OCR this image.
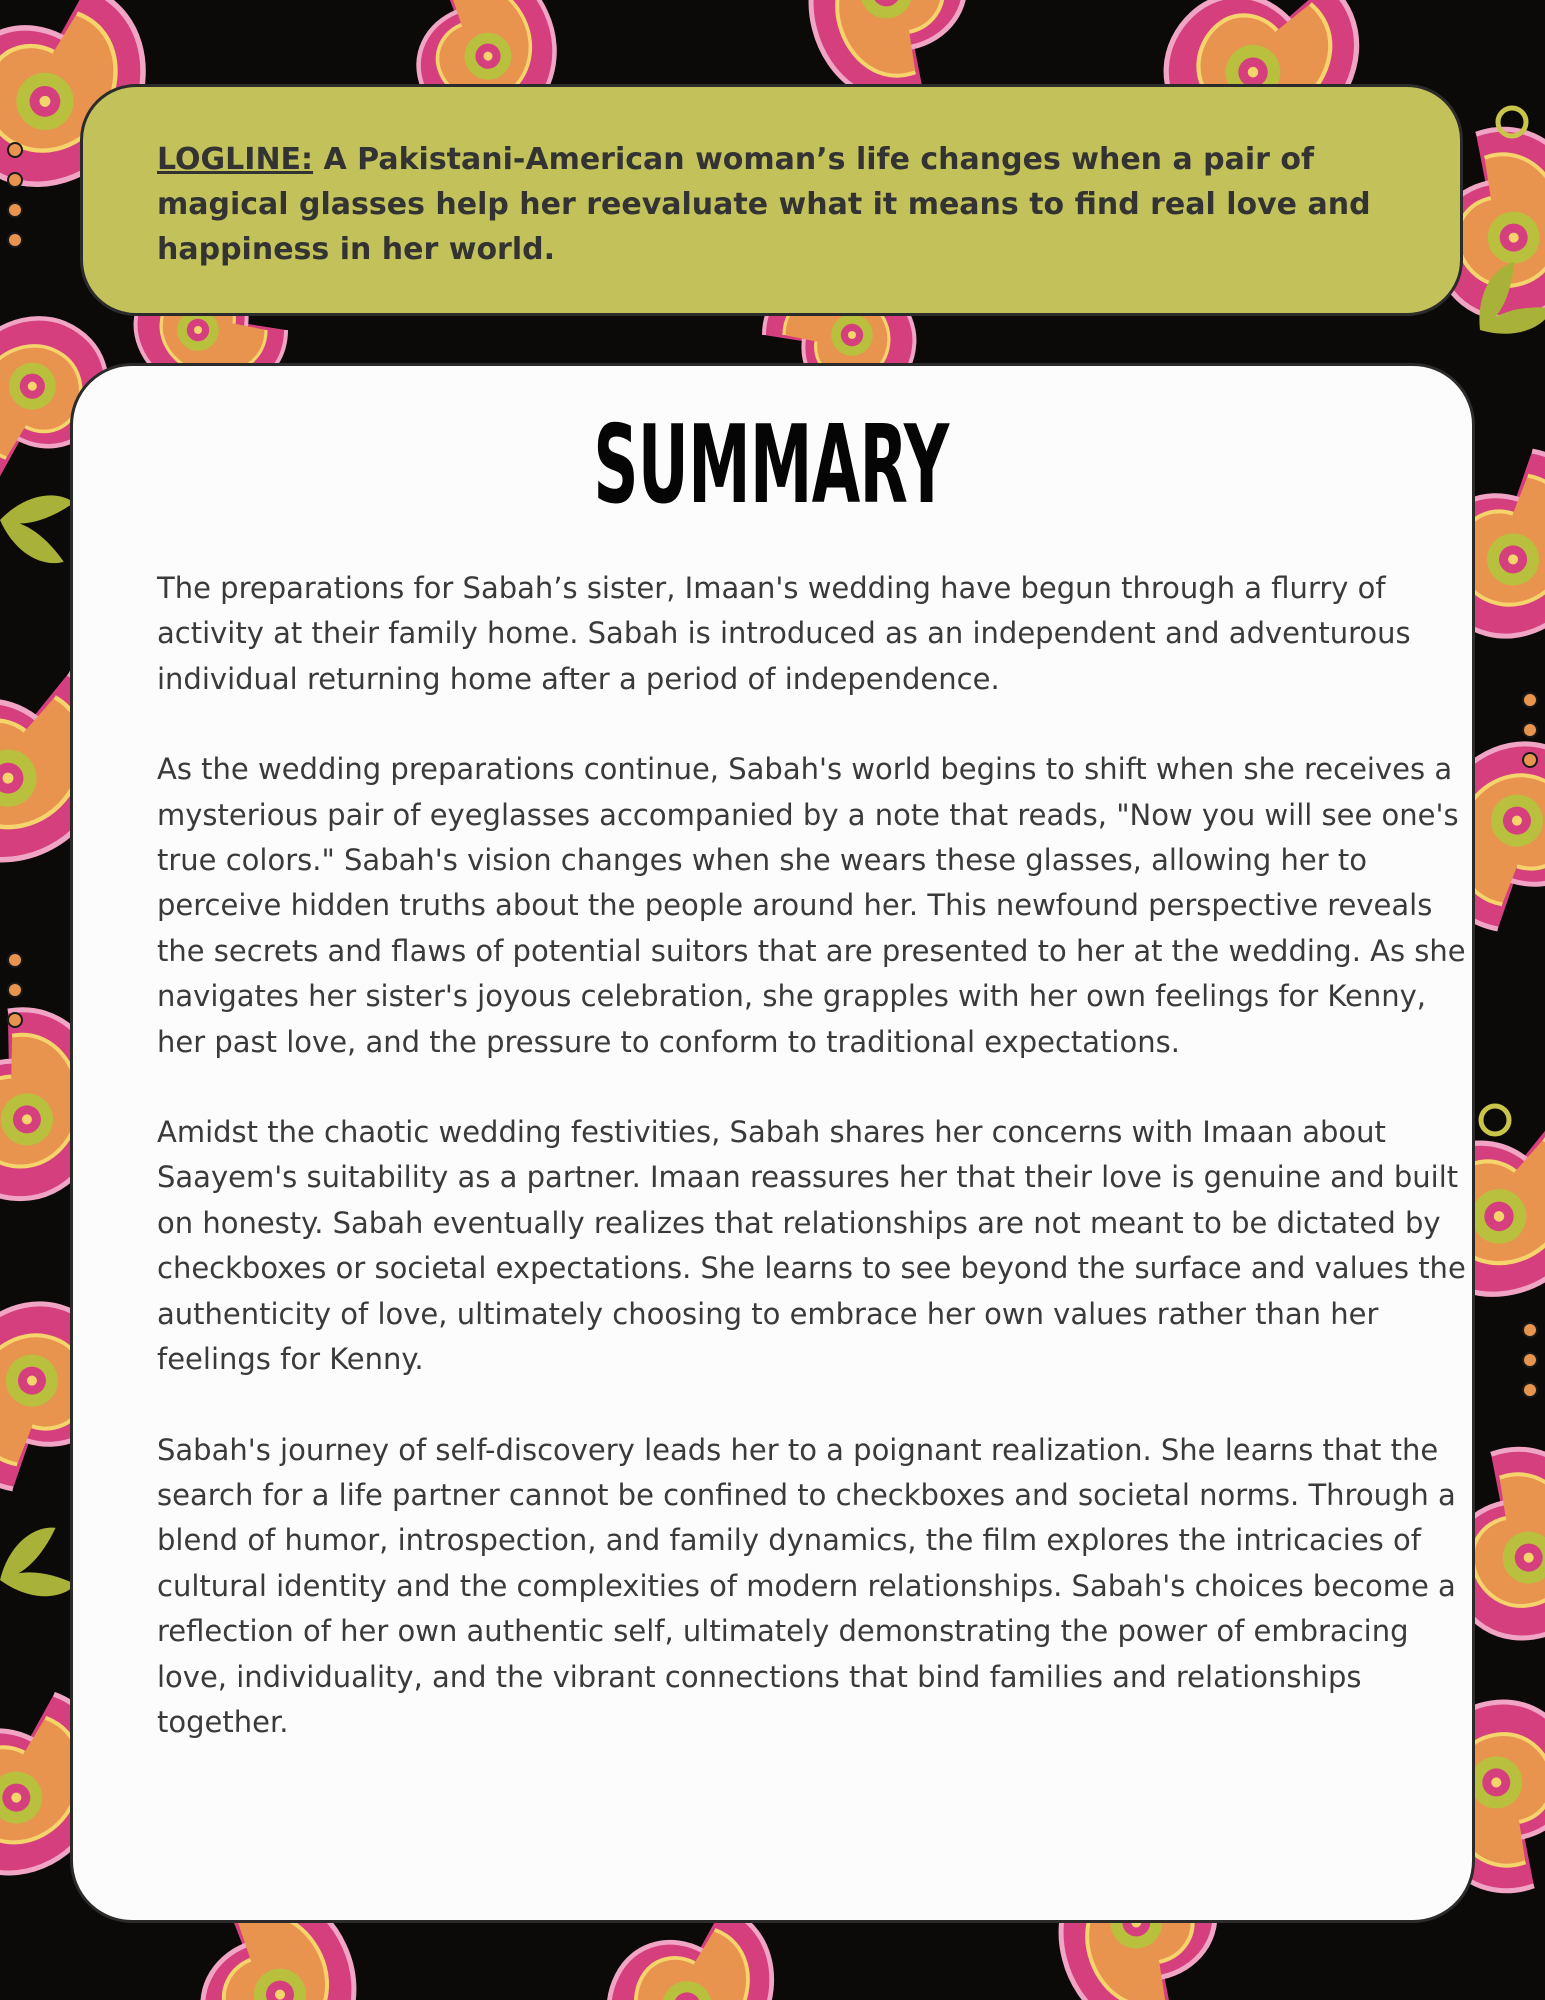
LOGLINE: A Pakistani-American woman’s life changes when a pair of magical glasses help her reevaluate what it means to find real love and happiness in her world.

SUMMARY

The preparations for Sabah’s sister, Imaan's wedding have begun through a flurry of activity at their family home. Sabah is introduced as an independent and adventurous individual returning home after a period of independence.

As the wedding preparations continue, Sabah's world begins to shift when she receives a mysterious pair of eyeglasses accompanied by a note that reads, "Now you will see one's true colors." Sabah's vision changes when she wears these glasses, allowing her to perceive hidden truths about the people around her. This newfound perspective reveals the secrets and flaws of potential suitors that are presented to her at the wedding. As she navigates her sister's joyous celebration, she grapples with her own feelings for Kenny, her past love, and the pressure to conform to traditional expectations.

Amidst the chaotic wedding festivities, Sabah shares her concerns with Imaan about Saayem's suitability as a partner. Imaan reassures her that their love is genuine and built on honesty. Sabah eventually realizes that relationships are not meant to be dictated by checkboxes or societal expectations. She learns to see beyond the surface and values the authenticity of love, ultimately choosing to embrace her own values rather than her feelings for Kenny.

Sabah's journey of self-discovery leads her to a poignant realization. She learns that the search for a life partner cannot be confined to checkboxes and societal norms. Through a blend of humor, introspection, and family dynamics, the film explores the intricacies of cultural identity and the complexities of modern relationships. Sabah's choices become a reflection of her own authentic self, ultimately demonstrating the power of embracing love, individuality, and the vibrant connections that bind families and relationships together.
